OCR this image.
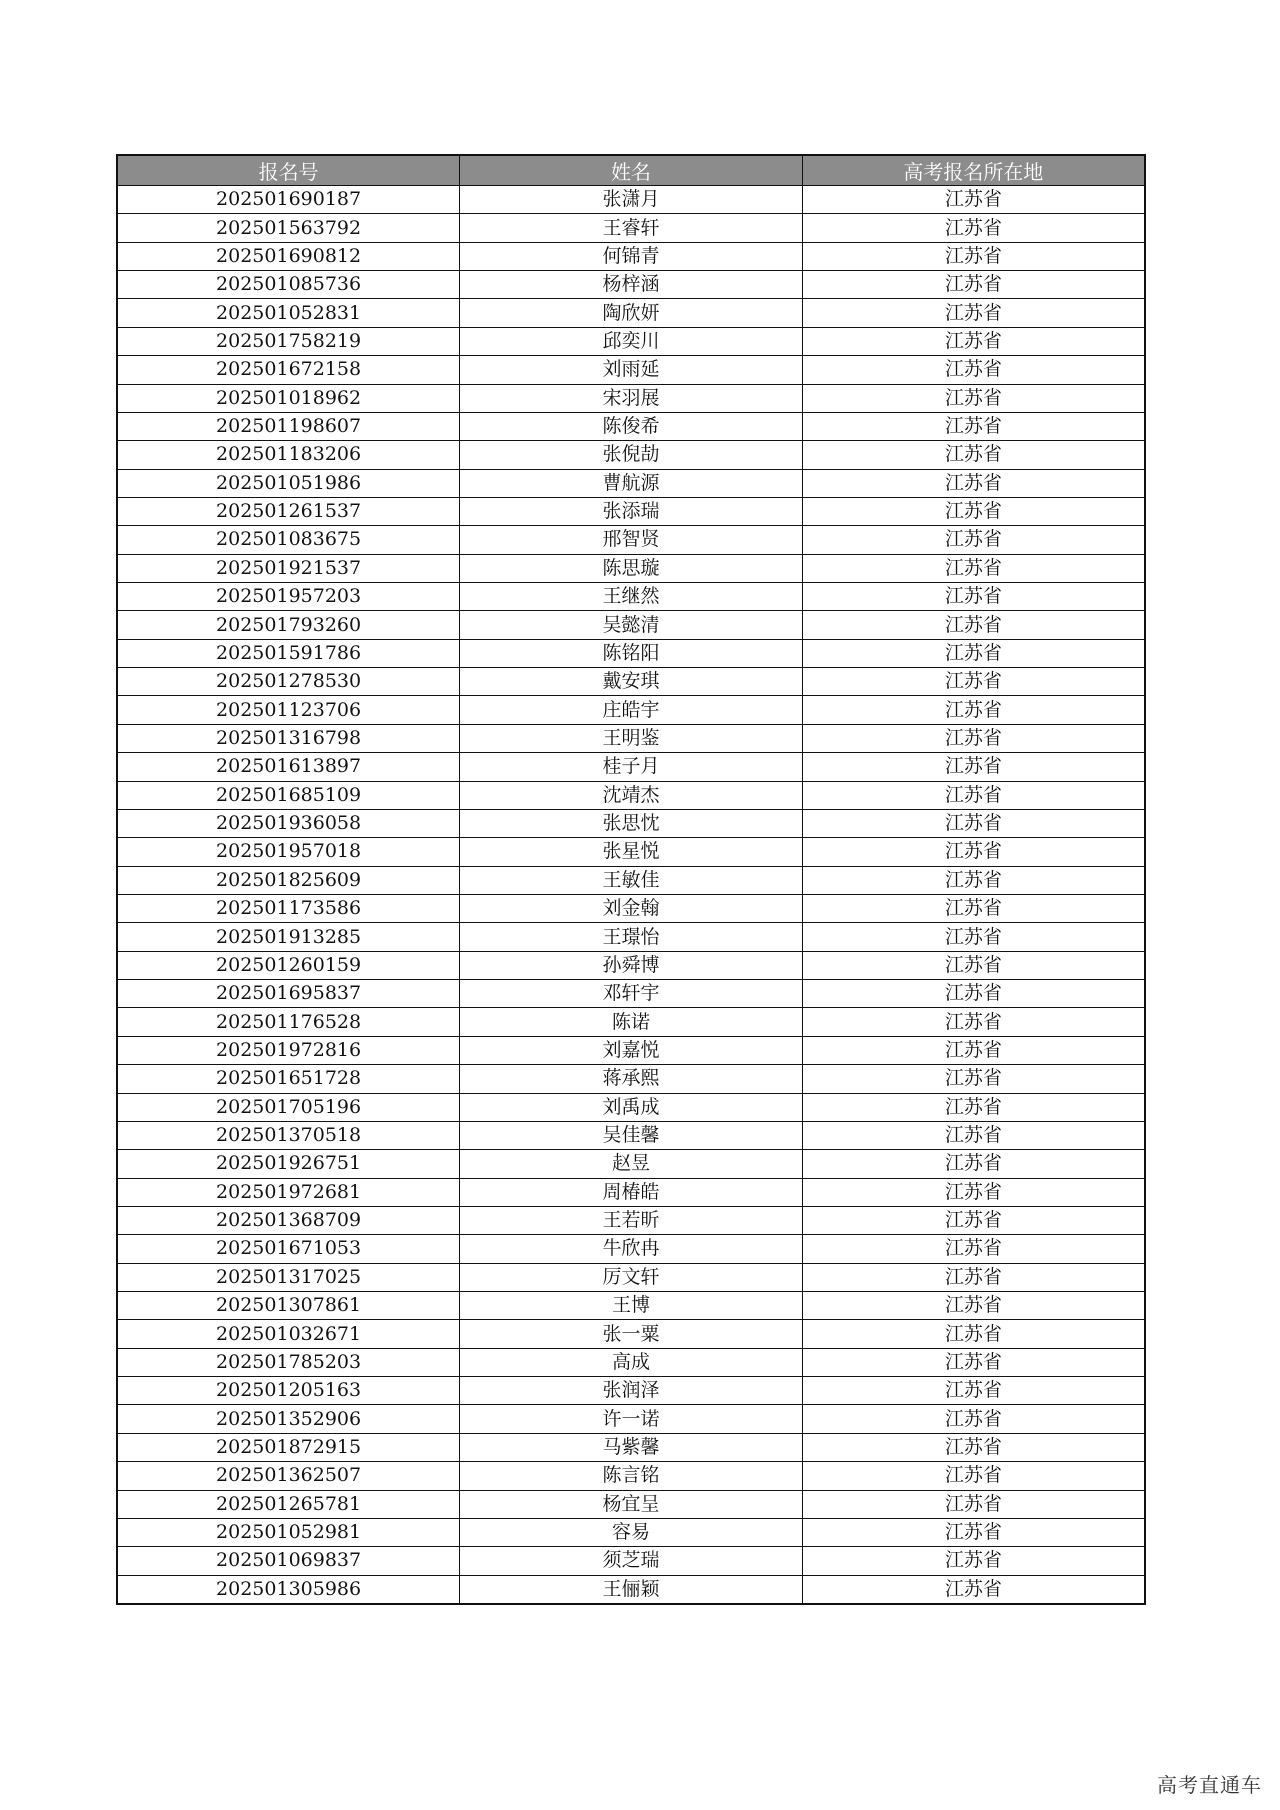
报名号	姓名	高考报名所在地
202501690187	张潇月	江苏省
202501563792	王睿轩	江苏省
202501690812	何锦青	江苏省
202501085736	杨梓涵	江苏省
202501052831	陶欣妍	江苏省
202501758219	邱奕川	江苏省
202501672158	刘雨延	江苏省
202501018962	宋羽展	江苏省
202501198607	陈俊希	江苏省
202501183206	张倪劼	江苏省
202501051986	曹航源	江苏省
202501261537	张添瑞	江苏省
202501083675	邢智贤	江苏省
202501921537	陈思璇	江苏省
202501957203	王继然	江苏省
202501793260	吴懿清	江苏省
202501591786	陈铭阳	江苏省
202501278530	戴安琪	江苏省
202501123706	庄皓宇	江苏省
202501316798	王明鉴	江苏省
202501613897	桂子月	江苏省
202501685109	沈靖杰	江苏省
202501936058	张思忱	江苏省
202501957018	张星悦	江苏省
202501825609	王敏佳	江苏省
202501173586	刘金翰	江苏省
202501913285	王璟怡	江苏省
202501260159	孙舜博	江苏省
202501695837	邓轩宇	江苏省
202501176528	陈诺	江苏省
202501972816	刘嘉悦	江苏省
202501651728	蒋承熙	江苏省
202501705196	刘禹成	江苏省
202501370518	吴佳馨	江苏省
202501926751	赵昱	江苏省
202501972681	周椿皓	江苏省
202501368709	王若昕	江苏省
202501671053	牛欣冉	江苏省
202501317025	厉文轩	江苏省
202501307861	王博	江苏省
202501032671	张一粟	江苏省
202501785203	高成	江苏省
202501205163	张润泽	江苏省
202501352906	许一诺	江苏省
202501872915	马紫馨	江苏省
202501362507	陈言铭	江苏省
202501265781	杨宜呈	江苏省
202501052981	容易	江苏省
202501069837	须芝瑞	江苏省
202501305986	王俪颖	江苏省
高考直通车
